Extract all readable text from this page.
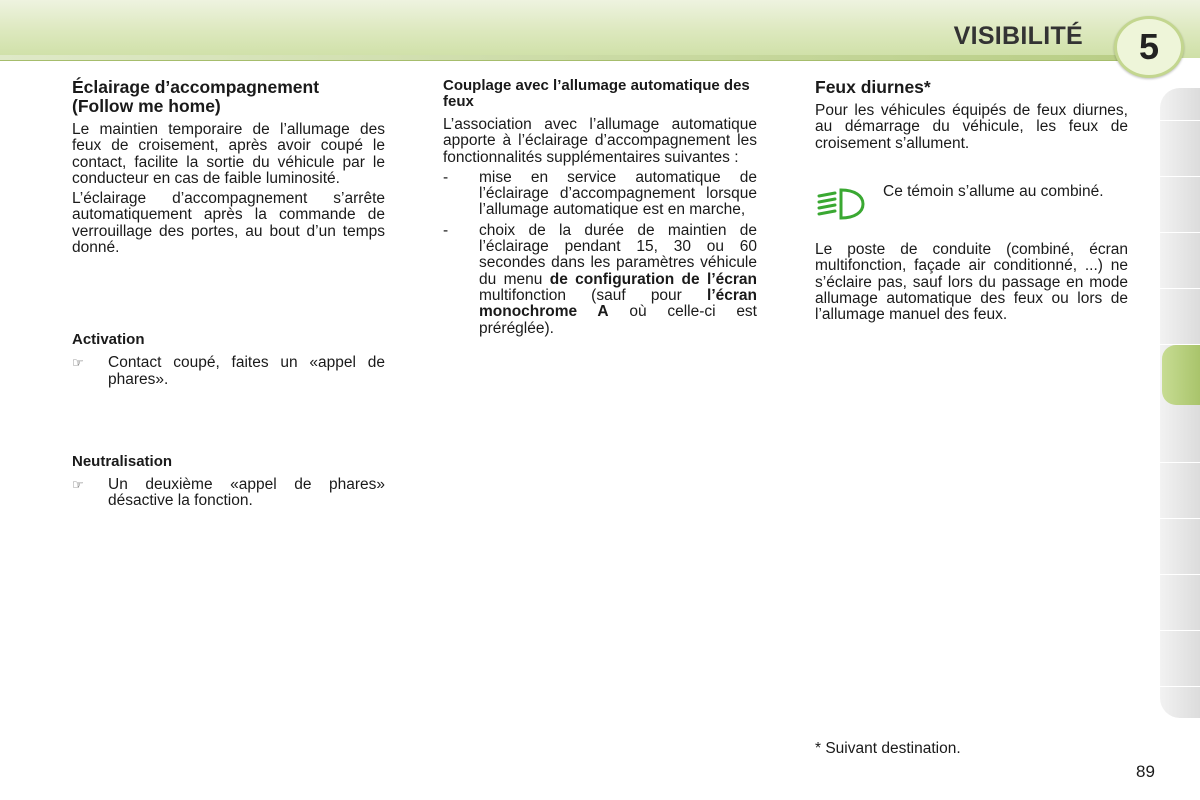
VISIBILITÉ	5
Éclairage d’accompagnement (Follow me home)

Le maintien temporaire de l’allumage des feux de croisement, après avoir coupé le contact, facilite la sortie du véhicule par le conducteur en cas de faible luminosité.

L’éclairage d’accompagnement s’arrête automatiquement après la commande de verrouillage des portes, au bout d’un temps donné.

Activation
☞	Contact coupé, faites un «appel de phares».
Neutralisation
☞	Un deuxième «appel de phares» désactive la fonction.
Couplage avec l’allumage automatique des feux

L’association avec l’allumage automatique apporte à l’éclairage d’accompagnement les fonctionnalités supplémentaires suivantes :

-	mise en service automatique de l’éclairage d’accompagnement lorsque l’allumage automatique est en marche,
-	choix de la durée de maintien de l’éclairage pendant 15, 30 ou 60 secondes dans les paramètres véhicule du menu de configuration de l’écran multifonction (sauf pour l’écran monochrome A où celle-ci est préréglée).
Feux diurnes*

Pour les véhicules équipés de feux diurnes, au démarrage du véhicule, les feux de croisement s’allument.

Ce témoin s’allume au combiné.

Le poste de conduite (combiné, écran multifonction, façade air conditionné, ...) ne s’éclaire pas, sauf lors du passage en mode allumage automatique des feux ou lors de l’allumage manuel des feux.

* Suivant destination.
89
